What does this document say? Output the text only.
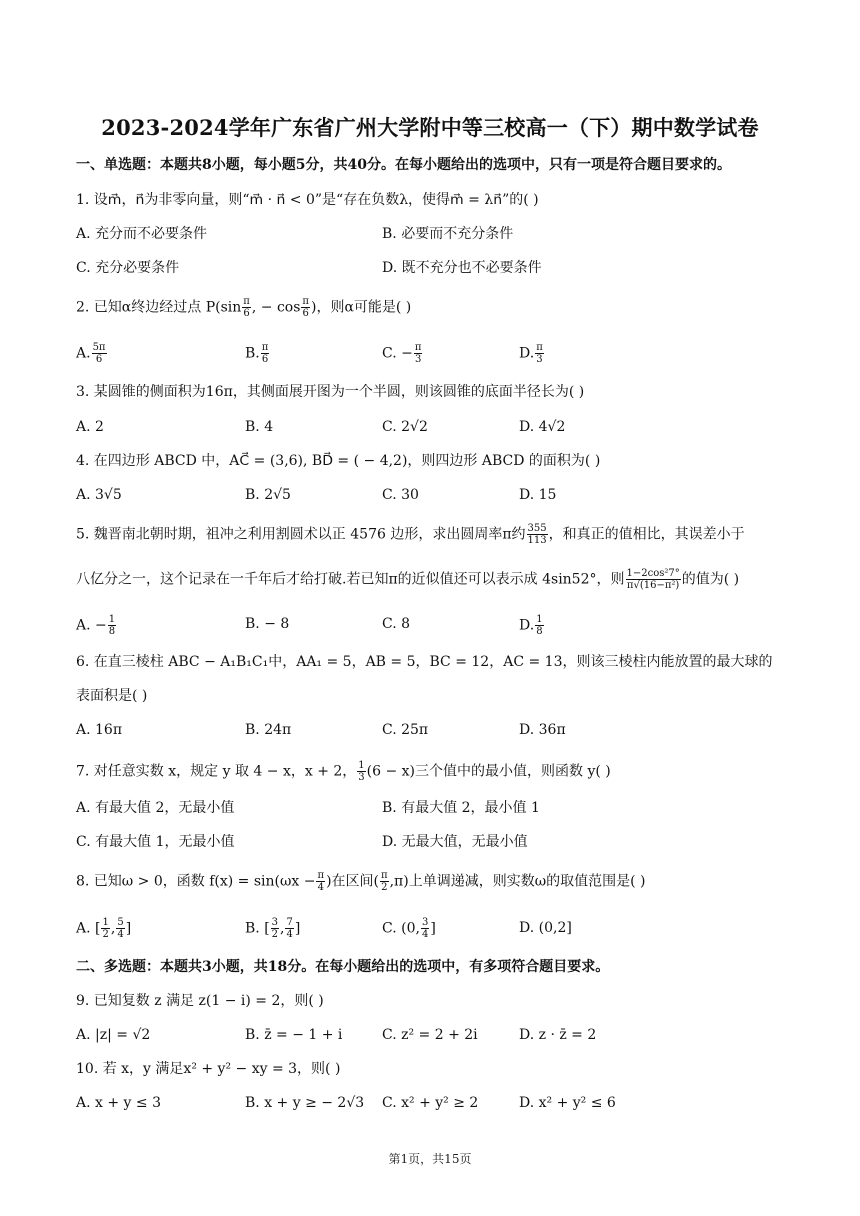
2023-2024学年广东省广州大学附中等三校高一（下）期中数学试卷
一、单选题：本题共8小题，每小题5分，共40分。在每小题给出的选项中，只有一项是符合题目要求的。
1. 设m⃗，n⃗为非零向量，则“m⃗ · n⃗ < 0”是“存在负数λ，使得m⃗ = λn⃗”的( )
A. 充分而不必要条件	B. 必要而不充分条件
C. 充分必要条件	D. 既不充分也不必要条件
2. 已知α终边经过点 $P(\sin \frac{\pi}{6}$ , − $\cos \frac{\pi}{6}$ )，则α可能是( )
A. $\frac{5\pi}{6}$	B. $\frac{\pi}{6}$	C. − $\frac{\pi}{3}$	D. $\frac{\pi}{3}$
3. 某圆锥的侧面积为16π，其侧面展开图为一个半圆，则该圆锥的底面半径长为( )
A. 2	B. 4	C. 2√2	D. 4√2
4. 在四边形 ABCD 中，AC⃗ = (3,6), BD⃗ = ( − 4,2)，则四边形 ABCD 的面积为( )
A. 3√5	B. 2√5	C. 30	D. 15
5. 魏晋南北朝时期，祖冲之利用割圆术以正 4576 边形，求出圆周率π约 $\frac{355}{113}$ ，和真正的值相比，其误差小于
八亿分之一，这个记录在一千年后才给打破.若已知π的近似值还可以表示成 4sin52°，则 $\frac{\text{1−2cos²7°}}{\text{π√(16−π²)}}$ 的值为( )
A. − $\frac{1}{8}$	B. − 8	C. 8	D. $\frac{1}{8}$
6. 在直三棱柱 ABC − A₁B₁C₁中，AA₁ = 5，AB = 5，BC = 12，AC = 13，则该三棱柱内能放置的最大球的
表面积是( )
A. 16π	B. 24π	C. 25π	D. 36π
7. 对任意实数 x，规定 y 取 4 − x，x + 2， $\frac{1}{3} (6 - x)$三个值中的最小值，则函数 y( )
A. 有最大值 2，无最小值	B. 有最大值 2，最小值 1
C. 有最大值 1，无最小值	D. 无最大值，无最小值
8. 已知ω > 0，函数 $f(x) = \sin(\omega x - \frac{\pi}{4}$ )在区间( $\frac{\pi}{2} ,\pi$)上单调递减，则实数ω的取值范围是( )
A. [ $\frac{1}{2}$ , $\frac{5}{4}$ ]	B. [ $\frac{3}{2}$ , $\frac{7}{4}$ ]	C. (0, $\frac{3}{4}$ ]	D. (0,2]
二、多选题：本题共3小题，共18分。在每小题给出的选项中，有多项符合题目要求。
9. 已知复数 z 满足 z(1 − i) = 2，则( )
A. |z| = √2	B. z̄ = − 1 + i	C. z² = 2 + 2i	D. z · z̄ = 2
10. 若 x，y 满足x² + y² − xy = 3，则( )
A. x + y ≤ 3	B. x + y ≥ − 2√3 C. x² + y² ≥ 2	D. x² + y² ≤ 6
第1页，共15页
